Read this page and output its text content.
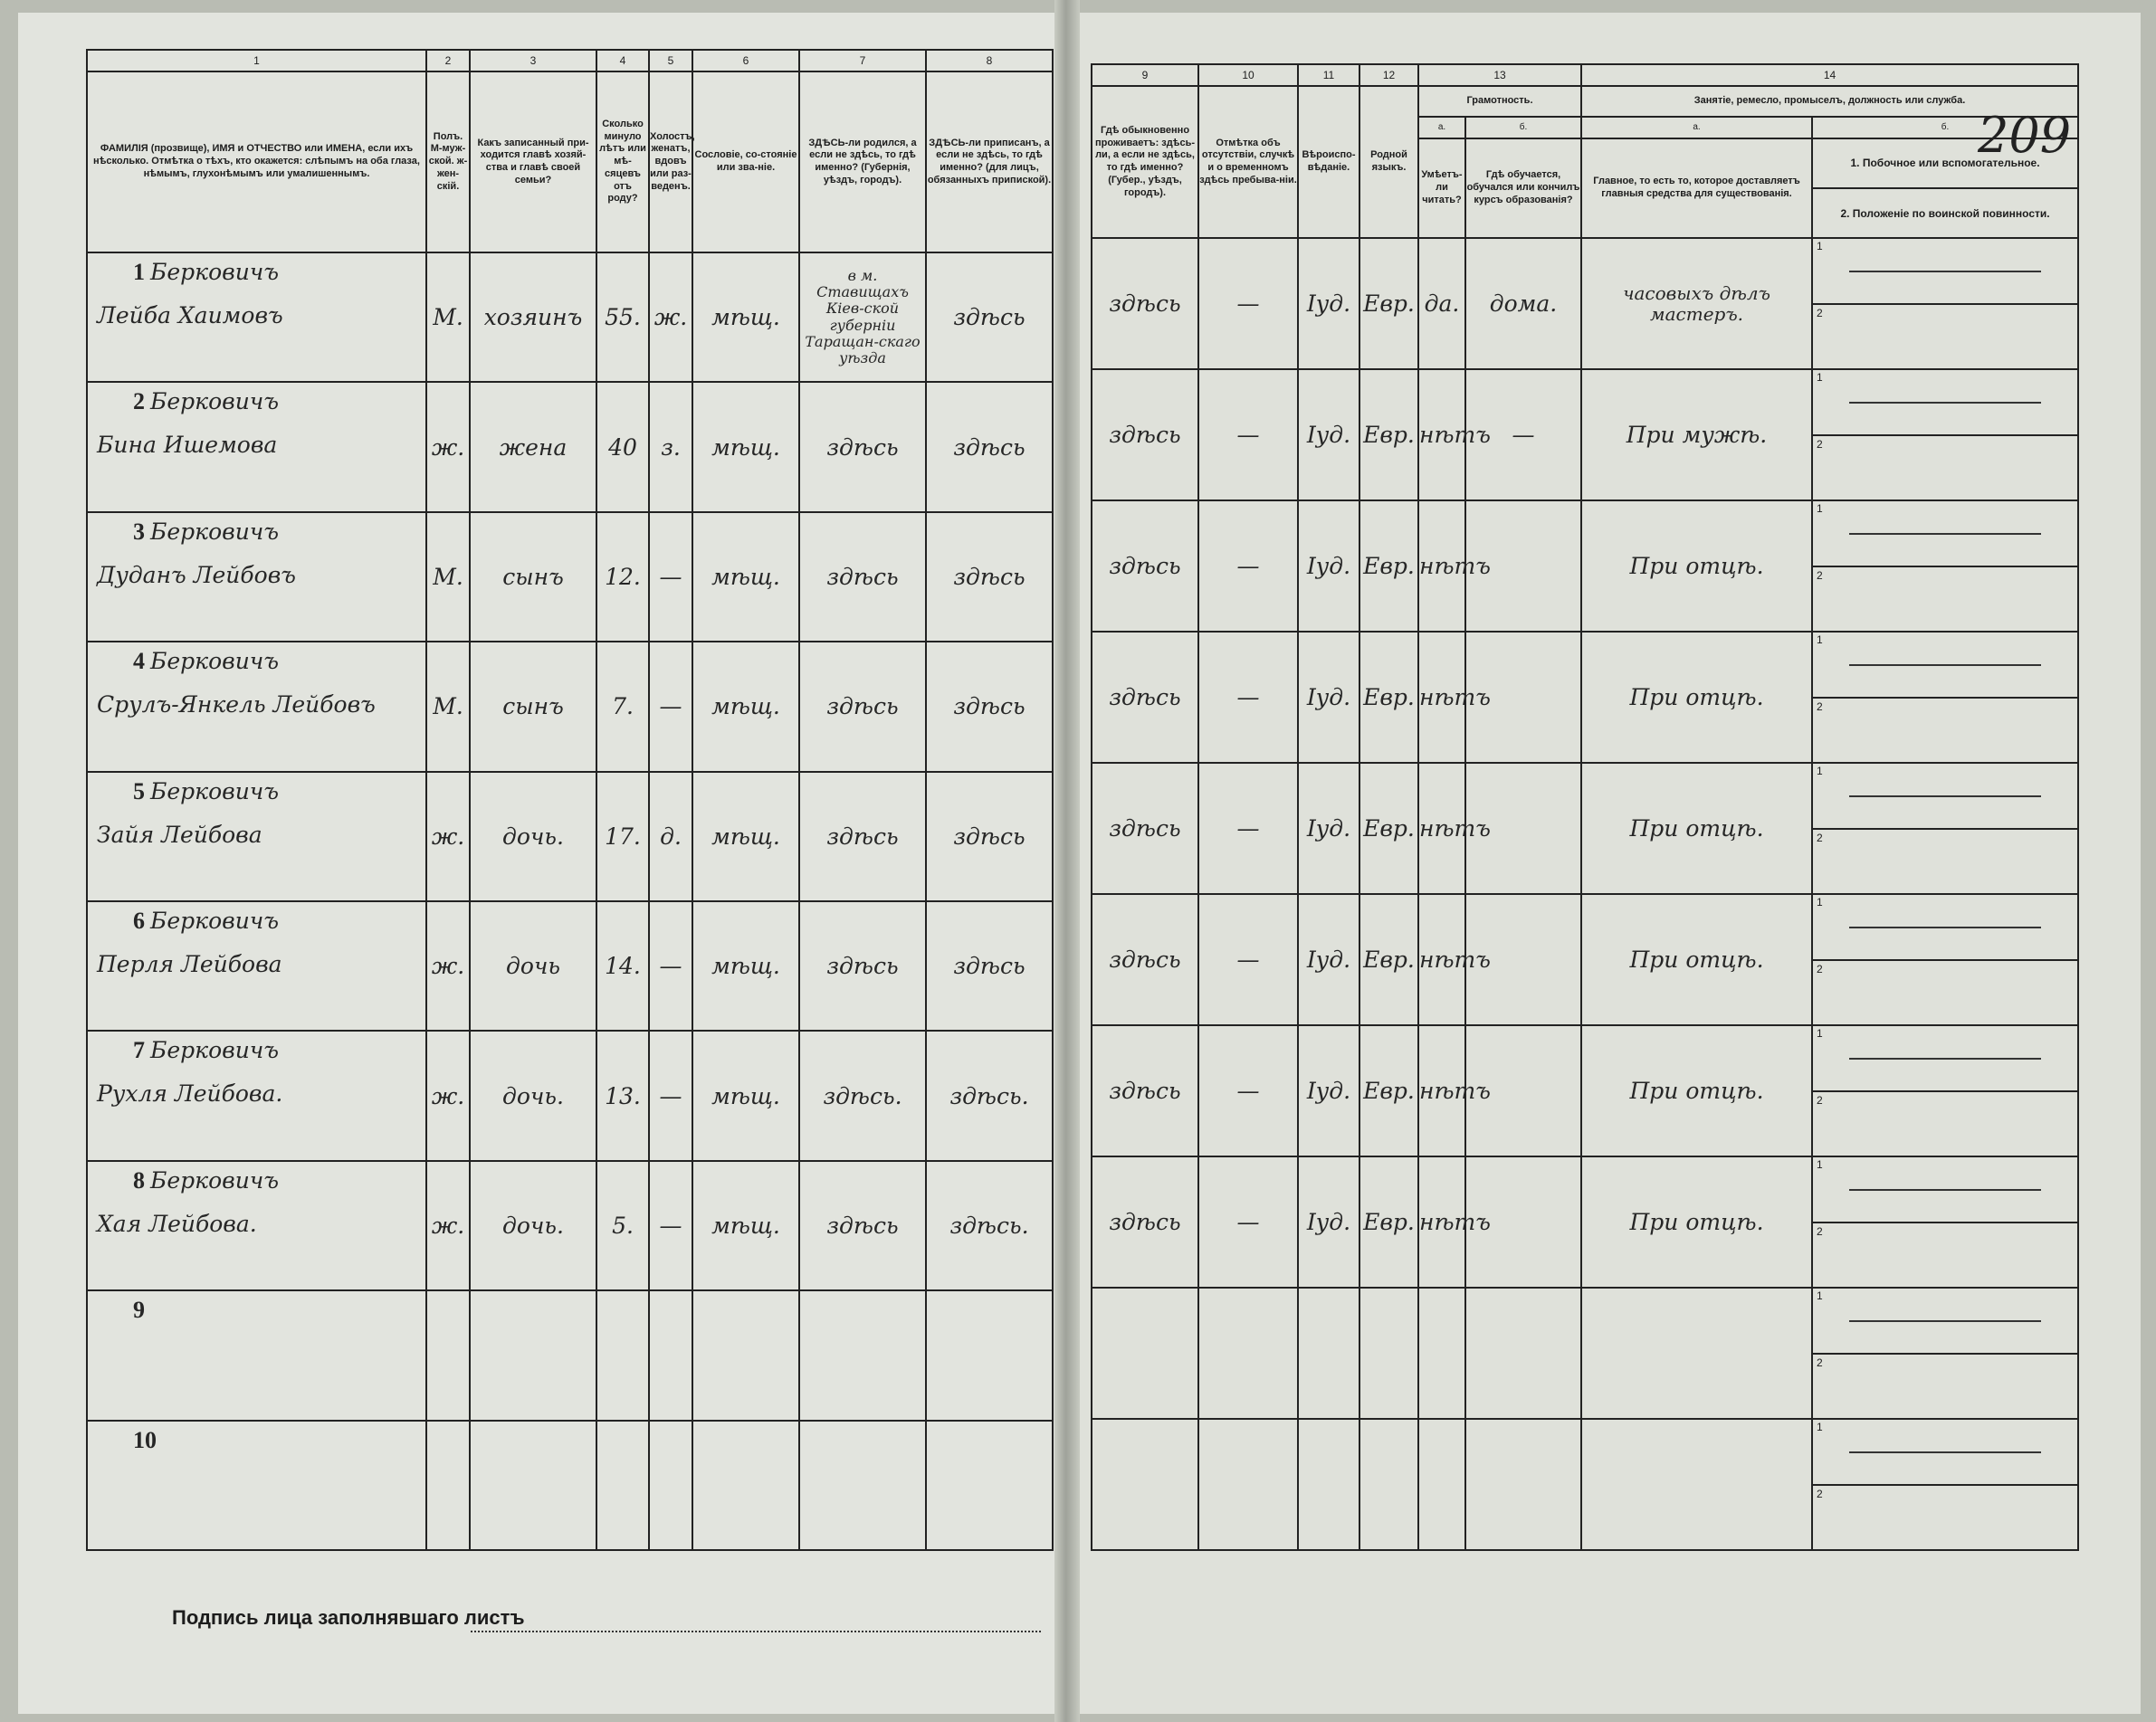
1	2	3	4	5	6	7	8
ФАМИЛІЯ (прозвище), ИМЯ и ОТЧЕСТВО или ИМЕНА, если ихъ нѣсколько. Отмѣтка о тѣхъ, кто окажется: слѣпымъ на оба глаза, нѣмымъ, глухонѣмымъ или умалишеннымъ.	Полъ. М-муж-ской. ж-жен-скій.	Какъ записанный при-ходится главѣ хозяй-ства и главѣ своей семьи?	Сколько минуло лѣтъ или мѣ-сяцевъ отъ роду?	Холостъ, женатъ, вдовъ или раз-веденъ.	Сословіе, со-стояніе или зва-ніе.	ЗДѢСЬ-ли родился, а если не здѣсь, то гдѣ именно? (Губернія, уѣздъ, городъ).	ЗДѢСЬ-ли приписанъ, а если не здѣсь, то гдѣ именно? (для лицъ, обязанныхъ припиской).

1 Берковичъ
Лейба Хаимовъ	М.	хозяинъ	55.	ж.	мѣщ.	в м. Ставищахъ Кіев-ской губерніи Таращан-скаго уѣзда	здѣсь

2 Берковичъ
Бина Ишемова	ж.	жена	40	з.	мѣщ.	здѣсь	здѣсь

3 Берковичъ
Дуданъ Лейбовъ	М.	сынъ	12.	—	мѣщ.	здѣсь	здѣсь

4 Берковичъ
Срулъ-Янкель Лейбовъ	М.	сынъ	7.	—	мѣщ.	здѣсь	здѣсь

5 Берковичъ
Зайя Лейбова	ж.	дочь.	17.	д.	мѣщ.	здѣсь	здѣсь

6 Берковичъ
Перля Лейбова	ж.	дочь	14.	—	мѣщ.	здѣсь	здѣсь

7 Берковичъ
Рухля Лейбова.	ж.	дочь.	13.	—	мѣщ.	здѣсь.	здѣсь.

8 Берковичъ
Хая Лейбова.	ж.	дочь.	5.	—	мѣщ.	здѣсь	здѣсь.

9							

10							

9	10	11	12	13		14	
Гдѣ обыкновенно проживаетъ: здѣсь-ли, а если не здѣсь, то гдѣ именно? (Губер., уѣздъ, городъ).	Отмѣтка объ отсутствіи, случкѣ и о временномъ здѣсь пребыва-ніи.	Вѣроиспо-вѣданіе.	Родной языкъ.	Грамотность.		Занятіе, ремесло, промыселъ, должность или служба.	
				а.	б.	а.	б.
				Умѣетъ-ли читать?	Гдѣ обучается, обучался или кончилъ курсъ образованія?	Главное, то есть то, которое доставляетъ главныя средства для существованія.	1. Побочное или вспомогательное.
2. Положеніе по воинской повинности.

здѣсь	—	Іуд.	Евр.	да.	дома.	часовыхъ дѣлъ мастеръ.	1
2

здѣсь	—	Іуд.	Евр.	нѣтъ	—	При мужѣ.	1
2

здѣсь	—	Іуд.	Евр.	нѣтъ		При отцѣ.	1
2

здѣсь	—	Іуд.	Евр.	нѣтъ		При отцѣ.	1
2

здѣсь	—	Іуд.	Евр.	нѣтъ		При отцѣ.	1
2

здѣсь	—	Іуд.	Евр.	нѣтъ		При отцѣ.	1
2

здѣсь	—	Іуд.	Евр.	нѣтъ		При отцѣ.	1
2

здѣсь	—	Іуд.	Евр.	нѣтъ		При отцѣ.	1
2

							1
2

							1
2
209
Подпись лица заполнявшаго листъ
